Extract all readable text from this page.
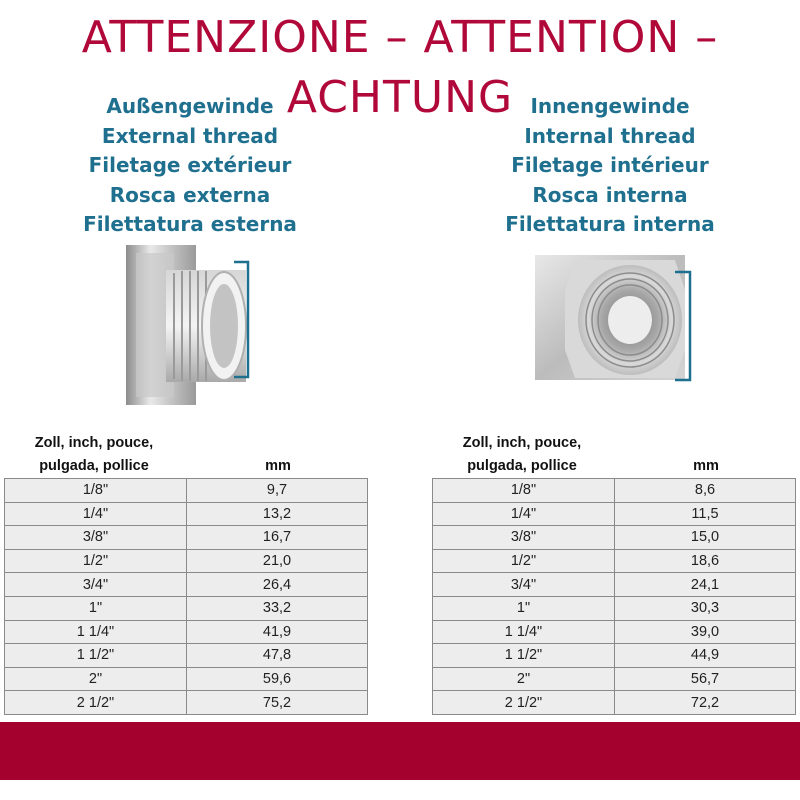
ATTENZIONE – ATTENTION – ACHTUNG
Außengewinde
External thread
Filetage extérieur
Rosca externa
Filettatura esterna
Innengewinde
Internal thread
Filetage intérieur
Rosca interna
Filettatura interna
Zoll, inch, pouce,
pulgada, pollice	mm
Zoll, inch, pouce,
pulgada, pollice	mm
1/8"	9,7
1/4"	13,2
3/8"	16,7
1/2"	21,0
3/4"	26,4
1"	33,2
1 1/4"	41,9
1 1/2"	47,8
2"	59,6
2 1/2"	75,2
1/8"	8,6
1/4"	11,5
3/8"	15,0
1/2"	18,6
3/4"	24,1
1"	30,3
1 1/4"	39,0
1 1/2"	44,9
2"	56,7
2 1/2"	72,2
